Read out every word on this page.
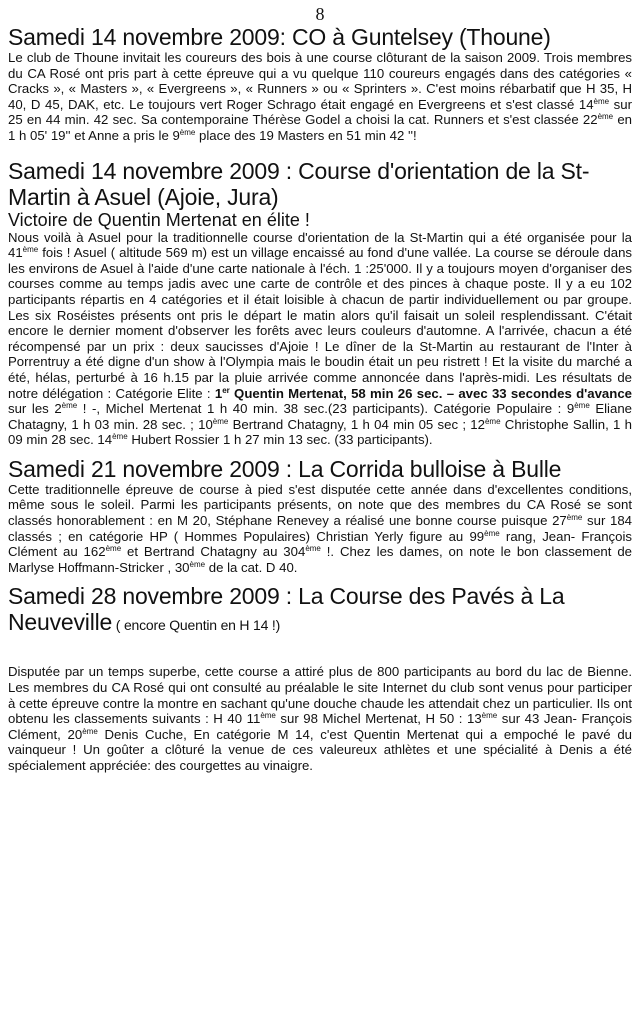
8
Samedi 14 novembre 2009: CO à Guntelsey (Thoune)

Le club de Thoune invitait les coureurs des bois à une course clôturant de la saison 2009. Trois membres du CA Rosé ont pris part à cette épreuve qui a vu quelque 110 coureurs engagés dans des catégories « Cracks », « Masters », « Evergreens », « Runners » ou « Sprinters ». C'est moins rébarbatif que H 35, H 40, D 45, DAK, etc. Le toujours vert Roger Schrago était engagé en Evergreens et s'est classé 14ème sur 25 en 44 min. 42 sec. Sa contemporaine Thérèse Godel a choisi la cat. Runners et s'est classée 22ème en 1 h 05' 19'' et Anne a pris le 9ème place des 19 Masters en 51 min 42 ''!

Samedi 14 novembre 2009 : Course d'orientation de la St-Martin à Asuel (Ajoie, Jura)
Victoire de Quentin Mertenat en élite !

Nous voilà à Asuel pour la traditionnelle course d'orientation de la St-Martin qui a été organisée pour la 41ème fois ! Asuel ( altitude 569 m) est un village encaissé au fond d'une vallée. La course se déroule dans les environs de Asuel à l'aide d'une carte nationale à l'éch. 1 :25'000. Il y a toujours moyen d'organiser des courses comme au temps jadis avec une carte de contrôle et des pinces à chaque poste. Il y a eu 102 participants répartis en 4 catégories et il était loisible à chacun de partir individuellement ou par groupe. Les six Roséistes présents ont pris le départ le matin alors qu'il faisait un soleil resplendissant. C'était encore le dernier moment d'observer les forêts avec leurs couleurs d'automne. A l'arrivée, chacun a été récompensé par un prix : deux saucisses d'Ajoie ! Le dîner de la St-Martin au restaurant de l'Inter à Porrentruy a été digne d'un show à l'Olympia mais le boudin était un peu ristrett ! Et la visite du marché a été, hélas, perturbé à 16 h.15 par la pluie arrivée comme annoncée dans l'après-midi. Les résultats de notre délégation : Catégorie Elite : 1er Quentin Mertenat, 58 min 26 sec. – avec 33 secondes d'avance sur les 2ème ! -, Michel Mertenat 1 h 40 min. 38 sec.(23 participants). Catégorie Populaire : 9ème Eliane Chatagny, 1 h 03 min. 28 sec. ; 10ème Bertrand Chatagny, 1 h 04 min 05 sec ; 12ème Christophe Sallin, 1 h 09 min 28 sec. 14ème Hubert Rossier 1 h 27 min 13 sec. (33 participants).

Samedi 21 novembre 2009 : La Corrida bulloise à Bulle

Cette traditionnelle épreuve de course à pied s'est disputée cette année dans d'excellentes conditions, même sous le soleil. Parmi les participants présents, on note que des membres du CA Rosé se sont classés honorablement : en M 20, Stéphane Renevey a réalisé une bonne course puisque 27ème sur 184 classés ; en catégorie HP ( Hommes Populaires) Christian Yerly figure au 99ème rang, Jean- François Clément au 162ème et Bertrand Chatagny au 304ème !. Chez les dames, on note le bon classement de Marlyse Hoffmann-Stricker , 30ème de la cat. D 40.

Samedi 28 novembre 2009 : La Course des Pavés à La Neuveville ( encore Quentin en H 14 !)

Disputée par un temps superbe, cette course a attiré plus de 800 participants au bord du lac de Bienne. Les membres du CA Rosé qui ont consulté au préalable le site Internet du club sont venus pour participer à cette épreuve contre la montre en sachant qu'une douche chaude les attendait chez un particulier. Ils ont obtenu les classements suivants : H 40 11ème sur 98 Michel Mertenat, H 50 : 13ème sur 43 Jean- François Clément, 20ème Denis Cuche, En catégorie M 14, c'est Quentin Mertenat qui a empoché le pavé du vainqueur ! Un goûter a clôturé la venue de ces valeureux athlètes et une spécialité à Denis a été spécialement appréciée: des courgettes au vinaigre.
